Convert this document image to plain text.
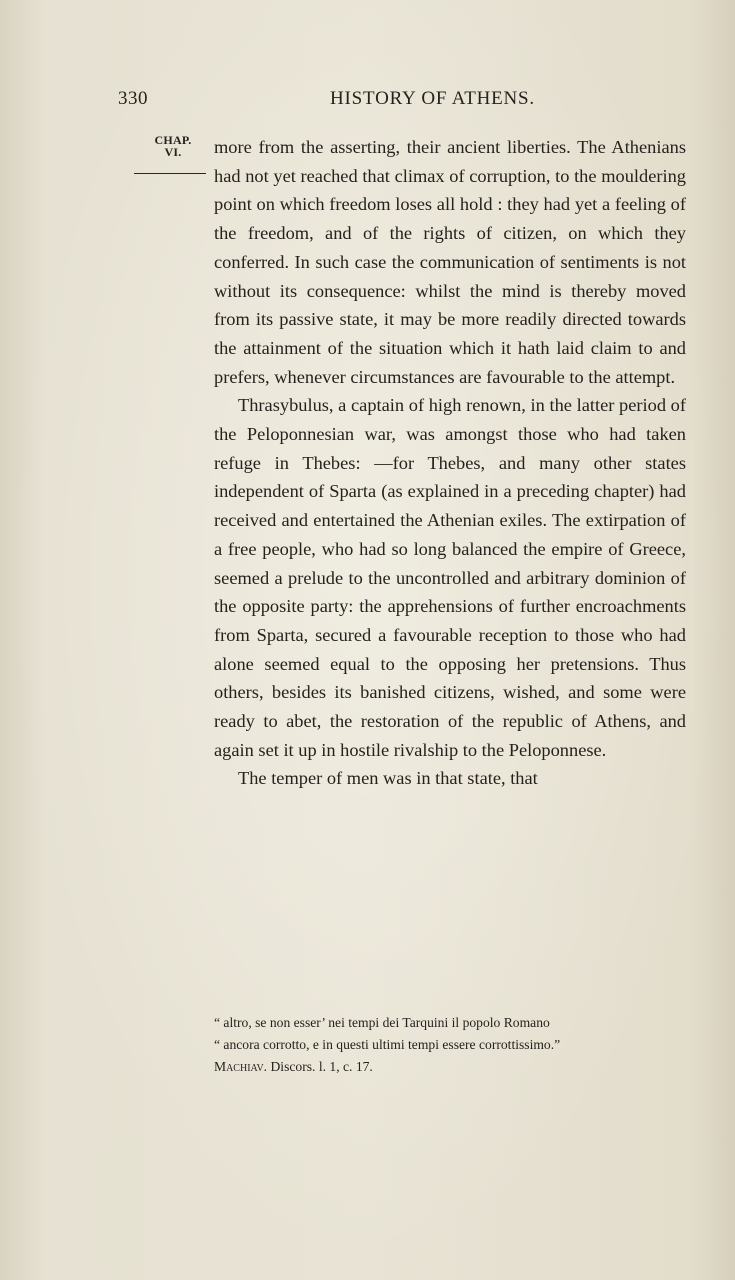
330	HISTORY OF ATHENS.
CHAP.
VI.	more from the asserting, their ancient liberties. The Athenians had not yet reached that climax of corruption, to the mouldering point on which freedom loses all hold : they had yet a feeling of the freedom, and of the rights of citizen, on which they conferred. In such case the communication of sentiments is not without its consequence: whilst the mind is thereby moved from its passive state, it may be more readily directed towards the attainment of the situation which it hath laid claim to and prefers, whenever circumstances are favourable to the attempt.

Thrasybulus, a captain of high renown, in the latter period of the Peloponnesian war, was amongst those who had taken refuge in Thebes: —for Thebes, and many other states independent of Sparta (as explained in a preceding chapter) had received and entertained the Athenian exiles. The extirpation of a free people, who had so long balanced the empire of Greece, seemed a prelude to the uncontrolled and arbitrary dominion of the opposite party: the apprehensions of further encroachments from Sparta, secured a favourable reception to those who had alone seemed equal to the opposing her pretensions. Thus others, besides its banished citizens, wished, and some were ready to abet, the restoration of the republic of Athens, and again set it up in hostile rivalship to the Peloponnese.

The temper of men was in that state, that

“ altro, se non esser’ nei tempi dei Tarquini il popolo Romano

“ ancora corrotto, e in questi ultimi tempi essere corrottissimo.”

Machiav. Discors. l. 1, c. 17.
